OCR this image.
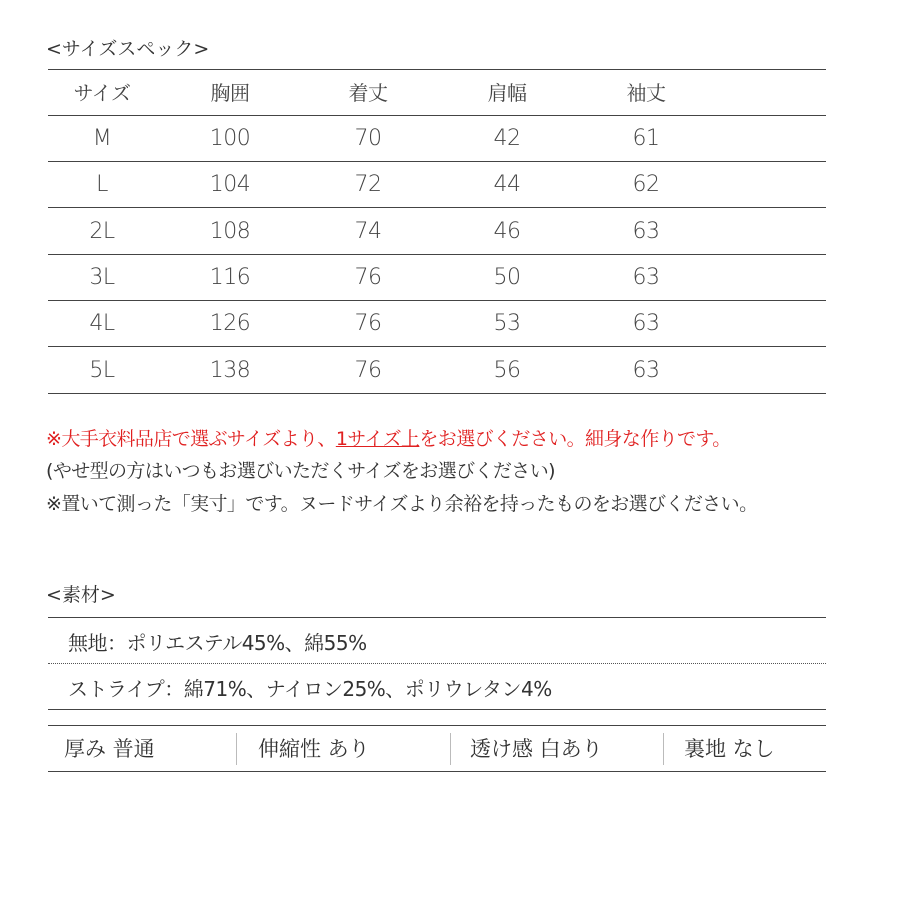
<サイズスペック>
サイズ	胸囲	着丈	肩幅	袖丈
M	100	70	42	61
L	104	72	44	62
2L	108	74	46	63
3L	116	76	50	63
4L	126	76	53	63
5L	138	76	56	63
※大手衣料品店で選ぶサイズより、1サイズ上をお選びください。細身な作りです。
(やせ型の方はいつもお選びいただくサイズをお選びください)
※置いて測った「実寸」です。ヌードサイズより余裕を持ったものをお選びください。
<素材>
無地：ポリエステル45%、綿55%
ストライプ：綿71%、ナイロン25%、ポリウレタン4%
厚み 普通	伸縮性 あり	透け感 白あり	裏地 なし
